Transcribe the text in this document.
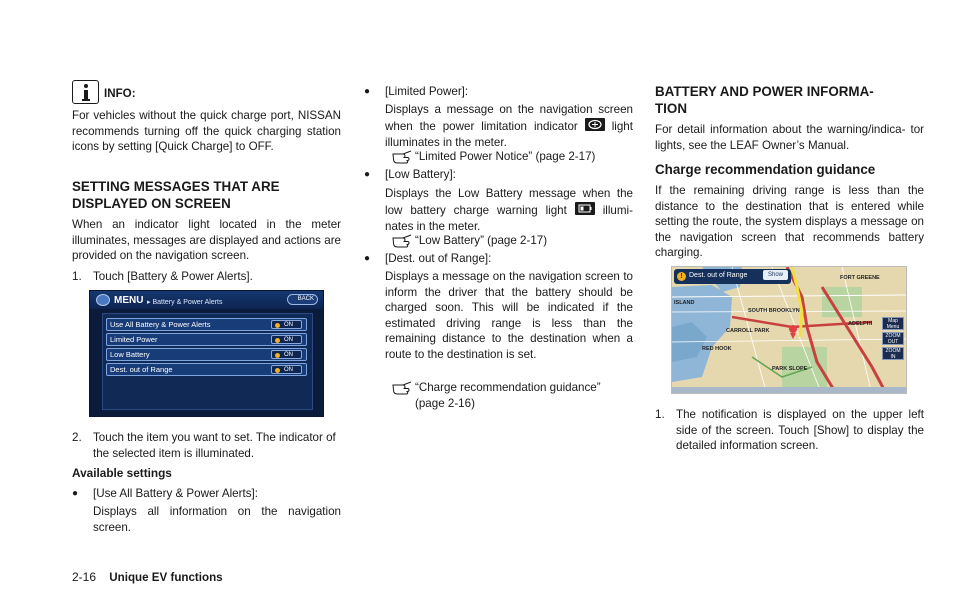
INFO:
For vehicles without the quick charge port, NISSAN recommends turning off the quick charging station icons by setting [Quick Charge] to OFF.
SETTING MESSAGES THAT ARE
DISPLAYED ON SCREEN
When an indicator light located in the meter illuminates, messages are displayed and actions are provided on the navigation screen.
1. Touch [Battery & Power Alerts].
MENU ▸ Battery & Power Alerts	BACK
Use All Battery & Power Alerts	ON
Limited Power	ON
Low Battery	ON
Dest. out of Range	ON
2. Touch the item you want to set. The indicator of the selected item is illuminated.
Available settings
●	[Use All Battery & Power Alerts]:
Displays all information on the navigation screen.
●	[Limited Power]:
Displays a message on the navigation screen when the power limitation indicator	light illuminates in the meter.
“Limited Power Notice” (page 2-17)
●	[Low Battery]:
Displays the Low Battery message when the low battery charge warning light	illumi- nates in the meter.
“Low Battery” (page 2-17)
●	[Dest. out of Range]:
Displays a message on the navigation screen to inform the driver that the battery should be charged soon. This will be indicated if the estimated driving range is less than the remaining distance to the destination when a route to the destination is set.
“Charge recommendation guidance”
(page 2-16)
BATTERY AND POWER INFORMA-
TION
For detail information about the warning/indica- tor lights, see the LEAF Owner’s Manual.
Charge recommendation guidance
If the remaining driving range is less than the distance to the destination that is entered while setting the route, the system displays a message on the navigation screen that recommends battery charging.
! Dest. out of Range	Show	FORT GREENE
ISLAND
SOUTH BROOKLYN
CARROLL PARK
RED HOOK
PARK SLOPE
ADELPHI	Map Menu
ZOOM OUT
ZOOM IN
1. The notification is displayed on the upper left side of the screen. Touch [Show] to display the detailed information screen.
2-16 Unique EV functions
